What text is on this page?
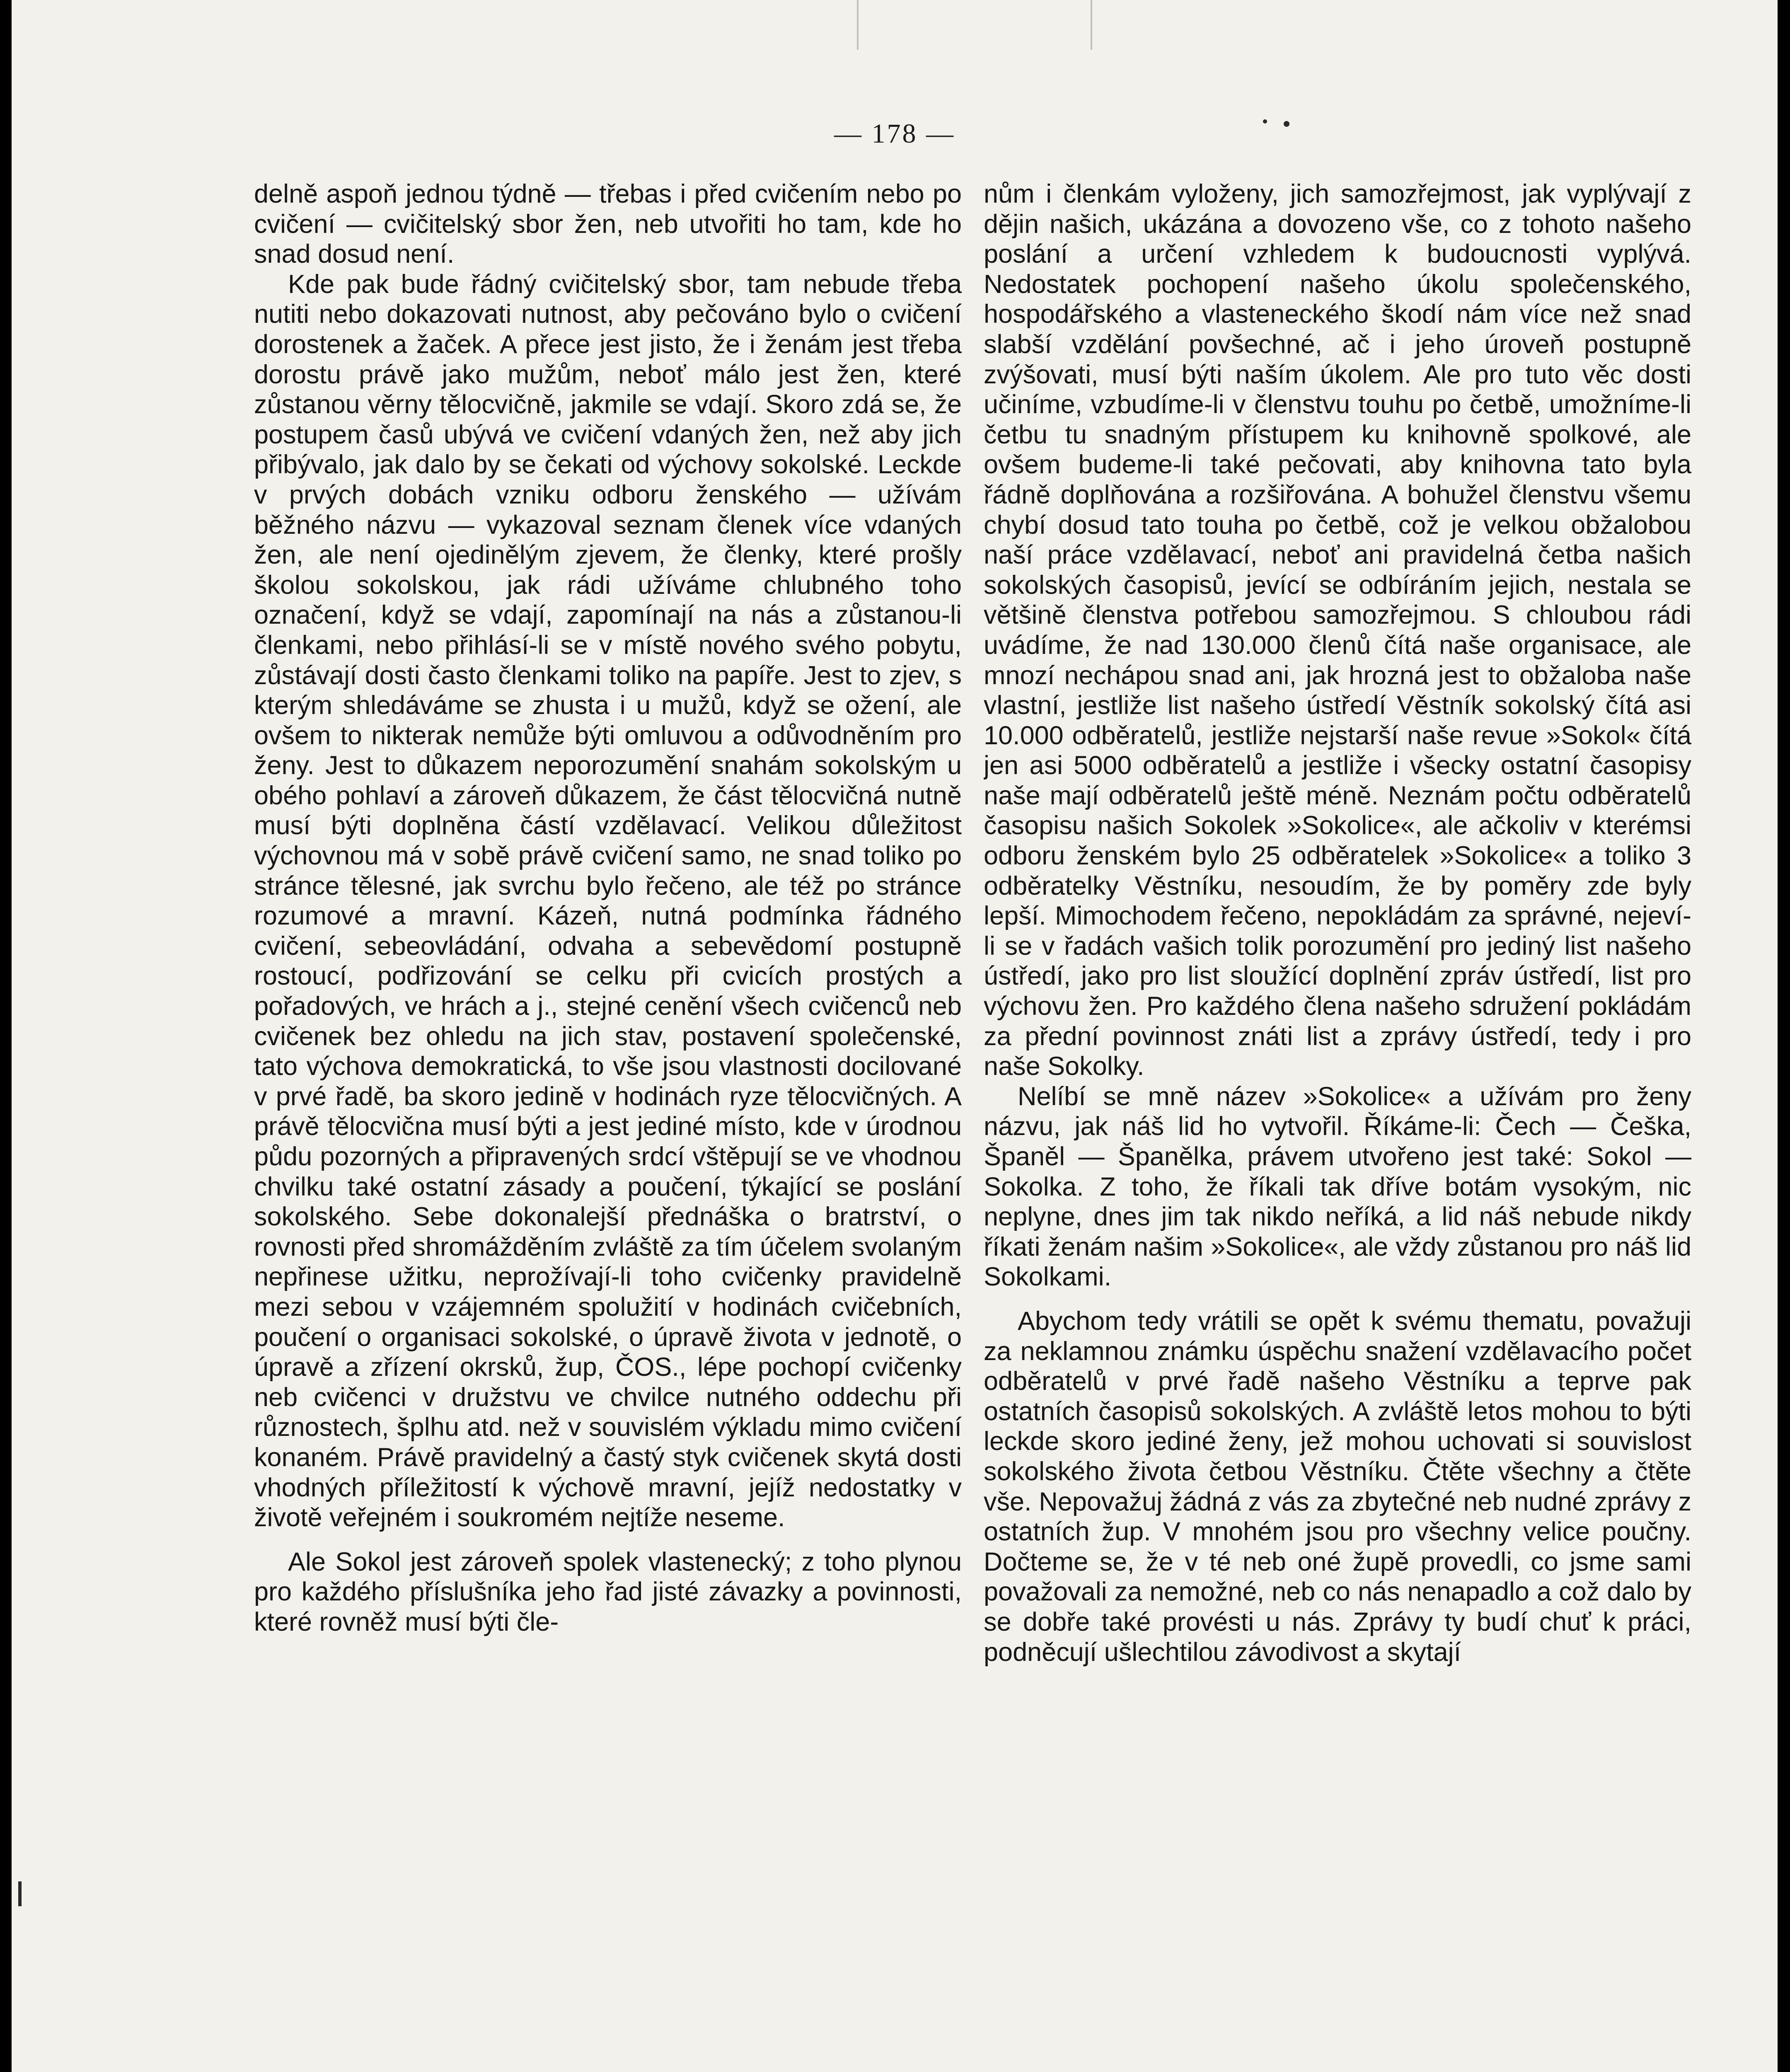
— 178 —

delně aspoň jednou týdně — třebas i před cvičením nebo po cvičení — cvičitelský sbor žen, neb utvořiti ho tam, kde ho snad dosud není.

Kde pak bude řádný cvičitelský sbor, tam nebude třeba nutiti nebo dokazovati nutnost, aby pečováno bylo o cvičení dorostenek a žaček. A přece jest jisto, že i ženám jest třeba dorostu právě jako mužům, neboť málo jest žen, které zůstanou věrny tělocvičně, jakmile se vdají. Skoro zdá se, že postupem časů ubývá ve cvičení vdaných žen, než aby jich přibývalo, jak dalo by se čekati od výchovy sokolské. Leckde v prvých dobách vzniku odboru ženského — užívám běžného názvu — vykazoval seznam členek více vdaných žen, ale není ojedinělým zjevem, že členky, které prošly školou sokolskou, jak rádi užíváme chlubného toho označení, když se vdají, zapomínají na nás a zůstanou-li členkami, nebo přihlásí-li se v místě nového svého pobytu, zůstávají dosti často členkami toliko na papíře. Jest to zjev, s kterým shledáváme se zhusta i u mužů, když se ožení, ale ovšem to nikterak nemůže býti omluvou a odůvodněním pro ženy. Jest to důkazem neporozumění snahám sokolským u obého pohlaví a zároveň důkazem, že část tělocvičná nutně musí býti doplněna částí vzdělavací. Velikou důležitost výchovnou má v sobě právě cvičení samo, ne snad toliko po stránce tělesné, jak svrchu bylo řečeno, ale též po stránce rozumové a mravní. Kázeň, nutná podmínka řádného cvičení, sebeovládání, odvaha a sebevědomí postupně rostoucí, podřizování se celku při cvicích prostých a pořadových, ve hrách a j., stejné cenění všech cvičenců neb cvičenek bez ohledu na jich stav, postavení společenské, tato výchova demokratická, to vše jsou vlastnosti docilované v prvé řadě, ba skoro jedině v hodinách ryze tělocvičných. A právě tělocvična musí býti a jest jediné místo, kde v úrodnou půdu pozorných a připravených srdcí vštěpují se ve vhodnou chvilku také ostatní zásady a poučení, týkající se poslání sokolského. Sebe dokonalejší přednáška o bratrství, o rovnosti před shromážděním zvláště za tím účelem svolaným nepřinese užitku, neprožívají-li toho cvičenky pravidelně mezi sebou v vzájemném spolužití v hodinách cvičebních, poučení o organisaci sokolské, o úpravě života v jednotě, o úpravě a zřízení okrsků, žup, ČOS., lépe pochopí cvičenky neb cvičenci v družstvu ve chvilce nutného oddechu při různostech, šplhu atd. než v souvislém výkladu mimo cvičení konaném. Právě pravidelný a častý styk cvičenek skytá dosti vhodných příležitostí k výchově mravní, jejíž nedostatky v životě veřejném i soukromém nejtíže neseme.

Ale Sokol jest zároveň spolek vlastenecký; z toho plynou pro každého příslušníka jeho řad jisté závazky a povinnosti, které rovněž musí býti čle-

nům i členkám vyloženy, jich samozřejmost, jak vyplývají z dějin našich, ukázána a dovozeno vše, co z tohoto našeho poslání a určení vzhledem k budoucnosti vyplývá. Nedostatek pochopení našeho úkolu společenského, hospodářského a vlasteneckého škodí nám více než snad slabší vzdělání povšechné, ač i jeho úroveň postupně zvýšovati, musí býti naším úkolem. Ale pro tuto věc dosti učiníme, vzbudíme-li v členstvu touhu po četbě, umožníme-li četbu tu snadným přístupem ku knihovně spolkové, ale ovšem budeme-li také pečovati, aby knihovna tato byla řádně doplňována a rozšiřována. A bohužel členstvu všemu chybí dosud tato touha po četbě, což je velkou obžalobou naší práce vzdělavací, neboť ani pravidelná četba našich sokolských časopisů, jevící se odbíráním jejich, nestala se většině členstva potřebou samozřejmou. S chloubou rádi uvádíme, že nad 130.000 členů čítá naše organisace, ale mnozí nechápou snad ani, jak hrozná jest to obžaloba naše vlastní, jestliže list našeho ústředí Věstník sokolský čítá asi 10.000 odběratelů, jestliže nejstarší naše revue »Sokol« čítá jen asi 5000 odběratelů a jestliže i všecky ostatní časopisy naše mají odběratelů ještě méně. Neznám počtu odběratelů časopisu našich Sokolek »Sokolice«, ale ačkoliv v kterémsi odboru ženském bylo 25 odběratelek »Sokolice« a toliko 3 odběratelky Věstníku, nesoudím, že by poměry zde byly lepší. Mimochodem řečeno, nepokládám za správné, nejeví-li se v řadách vašich tolik porozumění pro jediný list našeho ústředí, jako pro list sloužící doplnění zpráv ústředí, list pro výchovu žen. Pro každého člena našeho sdružení pokládám za přední povinnost znáti list a zprávy ústředí, tedy i pro naše Sokolky.

Nelíbí se mně název »Sokolice« a užívám pro ženy názvu, jak náš lid ho vytvořil. Říkáme-li: Čech — Češka, Španěl — Španělka, právem utvořeno jest také: Sokol — Sokolka. Z toho, že říkali tak dříve botám vysokým, nic neplyne, dnes jim tak nikdo neříká, a lid náš nebude nikdy říkati ženám našim »Sokolice«, ale vždy zůstanou pro náš lid Sokolkami.

Abychom tedy vrátili se opět k svému thematu, považuji za neklamnou známku úspěchu snažení vzdělavacího počet odběratelů v prvé řadě našeho Věstníku a teprve pak ostatních časopisů sokolských. A zvláště letos mohou to býti leckde skoro jediné ženy, jež mohou uchovati si souvislost sokolského života četbou Věstníku. Čtěte všechny a čtěte vše. Nepovažuj žádná z vás za zbytečné neb nudné zprávy z ostatních žup. V mnohém jsou pro všechny velice poučny. Dočteme se, že v té neb oné župě provedli, co jsme sami považovali za nemožné, neb co nás nenapadlo a což dalo by se dobře také provésti u nás. Zprávy ty budí chuť k práci, podněcují ušlechtilou závodivost a skytají
